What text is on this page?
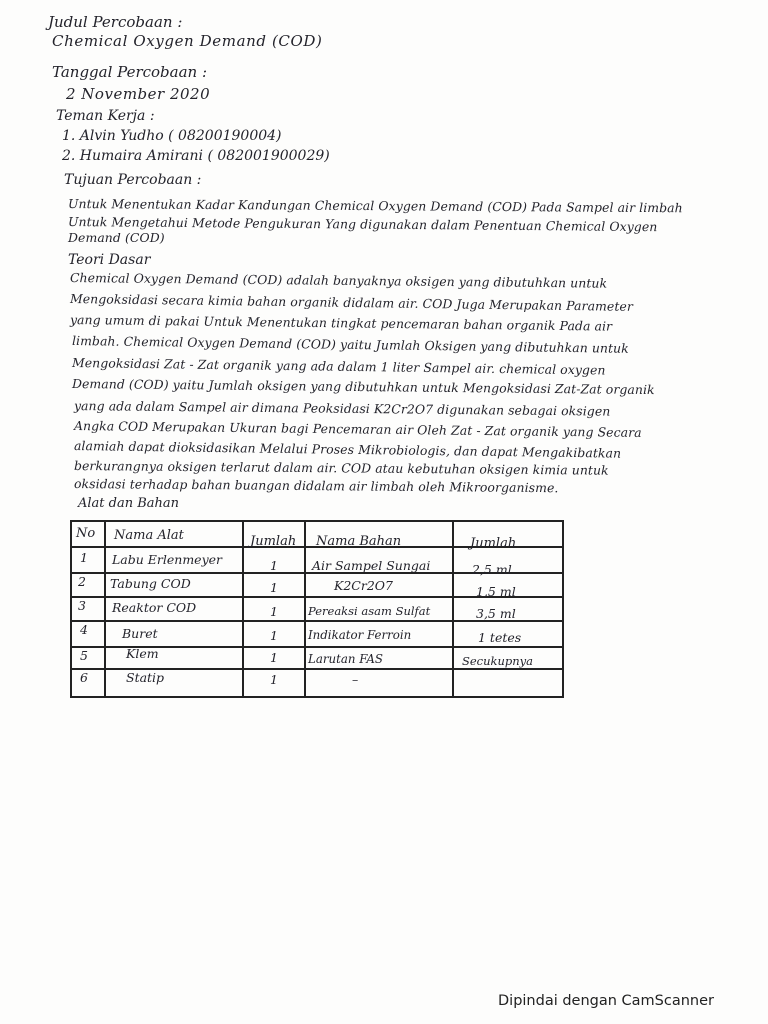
Judul Percobaan :
Chemical Oxygen Demand (COD)
Tanggal Percobaan :
2 November 2020
Teman Kerja :
1. Alvin Yudho ( 08200190004)
2. Humaira Amirani ( 082001900029)
Tujuan Percobaan :
Untuk Menentukan Kadar Kandungan Chemical Oxygen Demand (COD) Pada Sampel air limbah
Untuk Mengetahui Metode Pengukuran Yang digunakan dalam Penentuan Chemical Oxygen
Demand (COD)
Teori Dasar
Chemical Oxygen Demand (COD) adalah banyaknya oksigen yang dibutuhkan untuk
Mengoksidasi secara kimia bahan organik didalam air. COD Juga Merupakan Parameter
yang umum di pakai Untuk Menentukan tingkat pencemaran bahan organik Pada air
limbah. Chemical Oxygen Demand (COD) yaitu Jumlah Oksigen yang dibutuhkan untuk
Mengoksidasi Zat - Zat organik yang ada dalam 1 liter Sampel air. chemical oxygen
Demand (COD) yaitu Jumlah oksigen yang dibutuhkan untuk Mengoksidasi Zat-Zat organik
yang ada dalam Sampel air dimana Peoksidasi K2Cr2O7 digunakan sebagai oksigen
Angka COD Merupakan Ukuran bagi Pencemaran air Oleh Zat - Zat organik yang Secara
alamiah dapat dioksidasikan Melalui Proses Mikrobiologis, dan dapat Mengakibatkan
berkurangnya oksigen terlarut dalam air. COD atau kebutuhan oksigen kimia untuk
oksidasi terhadap bahan buangan didalam air limbah oleh Mikroorganisme.
Alat dan Bahan
No Nama Alat	Jumlah Nama Bahan	Jumlah
1 Labu Erlenmeyer	1	Air Sampel Sungai	2,5 ml
2 Tabung COD	1	K2Cr2O7	1,5 ml
3 Reaktor COD	1	Pereaksi asam Sulfat	3,5 ml
4	Buret	1	Indikator Ferroin	1 tetes
5	Klem	1	Larutan FAS	Secukupnya
6	Statip	1	–
Dipindai dengan CamScanner
